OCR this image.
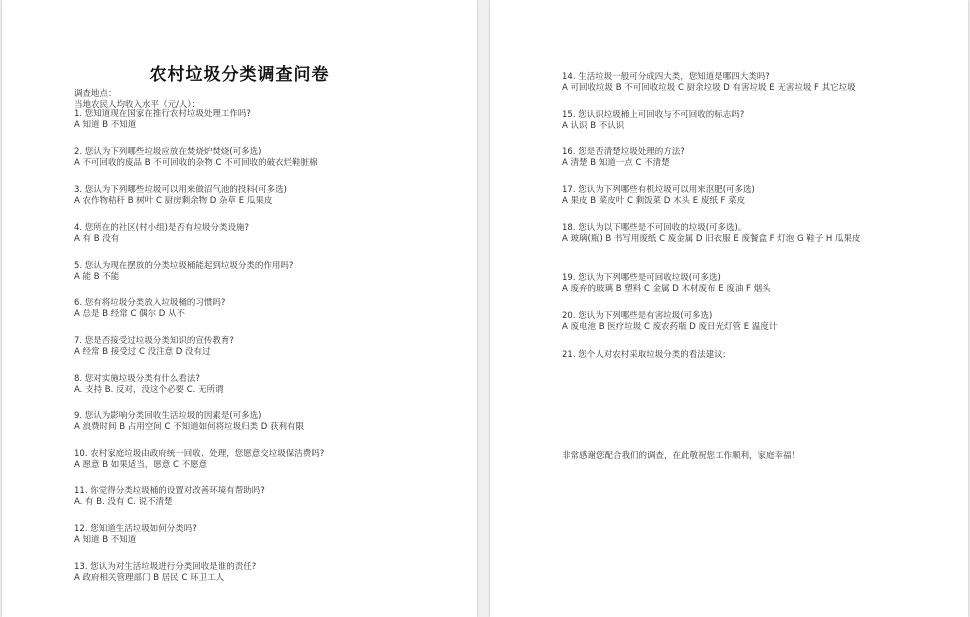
农村垃圾分类调查问卷
调查地点：
当地农民人均收入水平（元/人）：
1. 您知道现在国家在推行农村垃圾处理工作吗?
A 知道 B 不知道
2. 您认为下列哪些垃圾应放在焚烧炉焚烧(可多选)
A 不可回收的废品 B 不可回收的杂物 C 不可回收的破衣烂鞋脏棉
3. 您认为下列哪些垃圾可以用来做沼气池的投料(可多选)
A 农作物秸秆 B 树叶 C 厨房剩余物 D 杂草 E 瓜果皮
4. 您所在的社区(村小组)是否有垃圾分类设施?
A 有 B 没有
5. 您认为现在摆放的分类垃圾桶能起到垃圾分类的作用吗?
A 能 B 不能
6. 您有将垃圾分类放入垃圾桶的习惯吗?
A 总是 B 经常 C 偶尔 D 从不
7. 您是否接受过垃圾分类知识的宣传教育?
A 经常 B 接受过 C 没注意 D 没有过
8. 您对实施垃圾分类有什么看法?
A. 支持 B. 反对，没这个必要 C. 无所谓
9. 您认为影响分类回收生活垃圾的因素是(可多选)
A 浪费时间 B 占用空间 C 不知道如何将垃圾归类 D 获利有限
10. 农村家庭垃圾由政府统一回收、处理，您愿意交垃圾保洁费吗?
A 愿意 B 如果适当，愿意 C 不愿意
11. 你觉得分类垃圾桶的设置对改善环境有帮助吗?
A. 有 B. 没有 C. 说不清楚
12. 您知道生活垃圾如何分类吗?
A 知道 B 不知道
13. 您认为对生活垃圾进行分类回收是谁的责任?
A 政府相关管理部门 B 居民 C 环卫工人
14. 生活垃圾一般可分成四大类，您知道是哪四大类吗?
A 可回收垃圾 B 不可回收垃圾 C 厨余垃圾 D 有害垃圾 E 无害垃圾 F 其它垃圾
15. 您认识垃圾桶上可回收与不可回收的标志吗?
A 认识 B 不认识
16. 您是否清楚垃圾处理的方法?
A 清楚 B 知道一点 C 不清楚
17. 您认为下列哪些有机垃圾可以用来沤肥(可多选)
A 果皮 B 菜皮叶 C 剩饭菜 D 木头 E 废纸 F 菜皮
18. 您认为以下哪些是不可回收的垃圾(可多选)。
A 玻璃(瓶) B 书写用废纸 C 废金属 D 旧衣服 E 废餐盒 F 灯泡 G 鞋子 H 瓜果皮
19. 您认为下列哪些是可回收垃圾(可多选)
A 废弃的玻璃 B 塑料 C 金属 D 木材废布 E 废油 F 烟头
20. 您认为下列哪些是有害垃圾(可多选)
A 废电池 B 医疗垃圾 C 废农药瓶 D 废日光灯管 E 温度计
21. 您个人对农村采取垃圾分类的看法建议:
非常感谢您配合我们的调查，在此敬祝您工作顺利，家庭幸福！
